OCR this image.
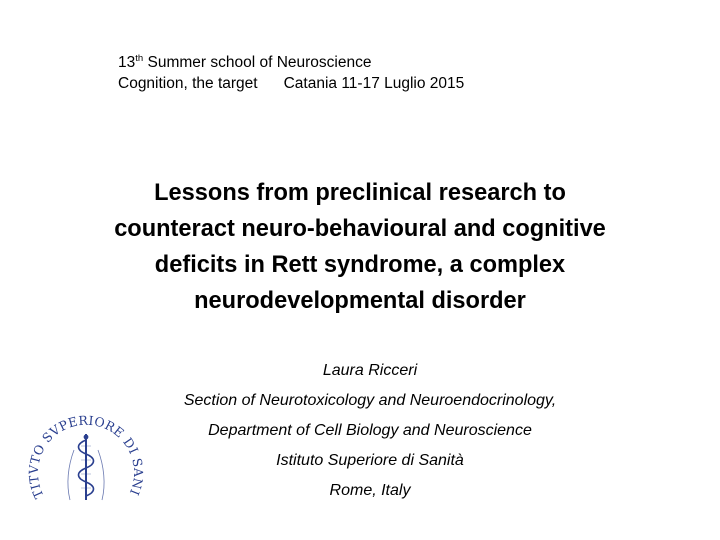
13th Summer school of Neuroscience
Cognition, the target Catania 11-17 Luglio 2015
Lessons from preclinical research to
counteract neuro-behavioural and cognitive
deficits in Rett syndrome, a complex
neurodevelopmental disorder
Laura Ricceri
Section of Neurotoxicology and Neuroendocrinology,
Department of Cell Biology and Neuroscience
Istituto Superiore di Sanità
Rome, Italy
TITVTO SVPERIORE DI SANI
